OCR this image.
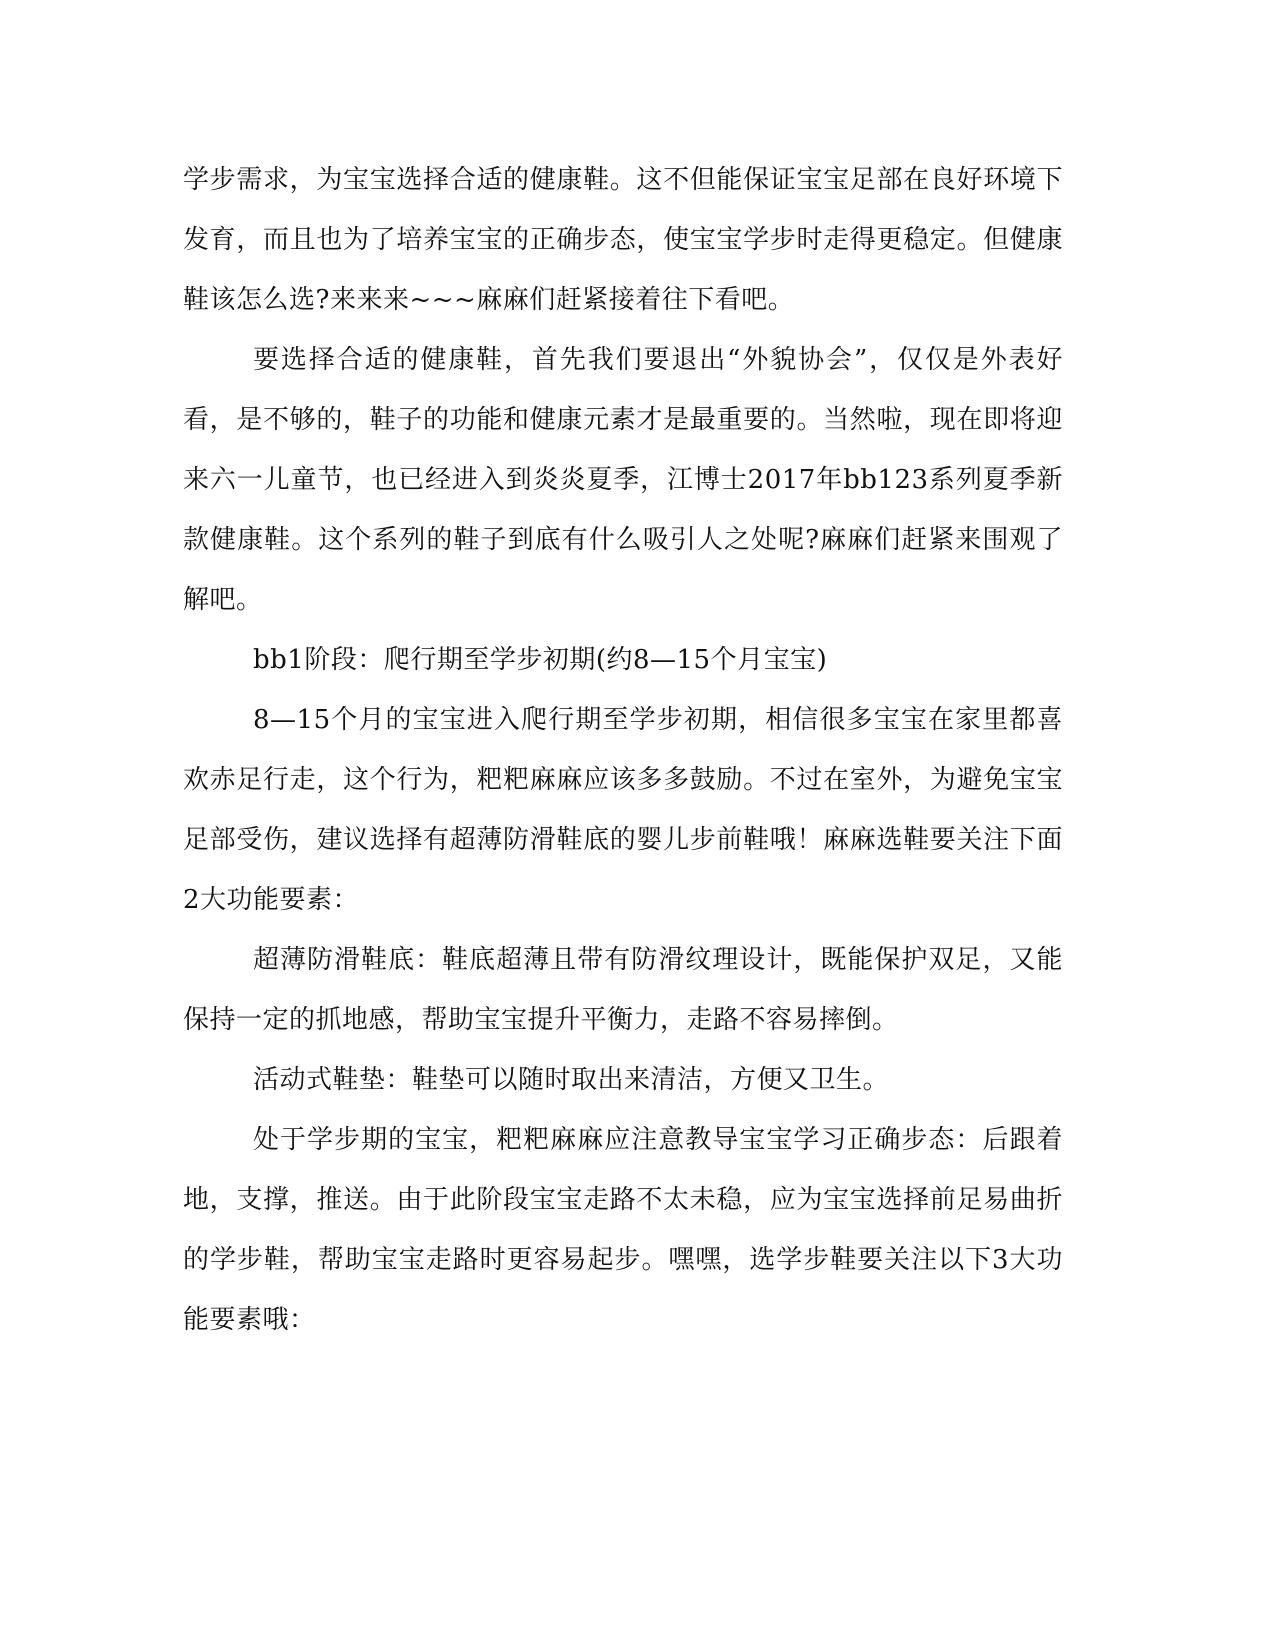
学步需求，为宝宝选择合适的健康鞋。这不但能保证宝宝足部在良好环境下发育，而且也为了培养宝宝的正确步态，使宝宝学步时走得更稳定。但健康鞋该怎么选?来来来~~~麻麻们赶紧接着往下看吧。

要选择合适的健康鞋，首先我们要退出“外貌协会”，仅仅是外表好看，是不够的，鞋子的功能和健康元素才是最重要的。当然啦，现在即将迎来六一儿童节，也已经进入到炎炎夏季，江博士2017年bb123系列夏季新款健康鞋。这个系列的鞋子到底有什么吸引人之处呢?麻麻们赶紧来围观了解吧。

bb1阶段：爬行期至学步初期(约8—15个月宝宝)

8—15个月的宝宝进入爬行期至学步初期，相信很多宝宝在家里都喜欢赤足行走，这个行为，粑粑麻麻应该多多鼓励。不过在室外，为避免宝宝足部受伤，建议选择有超薄防滑鞋底的婴儿步前鞋哦！麻麻选鞋要关注下面2大功能要素：

超薄防滑鞋底：鞋底超薄且带有防滑纹理设计，既能保护双足，又能保持一定的抓地感，帮助宝宝提升平衡力，走路不容易摔倒。

活动式鞋垫：鞋垫可以随时取出来清洁，方便又卫生。

处于学步期的宝宝，粑粑麻麻应注意教导宝宝学习正确步态：后跟着地，支撑，推送。由于此阶段宝宝走路不太未稳，应为宝宝选择前足易曲折的学步鞋，帮助宝宝走路时更容易起步。嘿嘿，选学步鞋要关注以下3大功能要素哦：
